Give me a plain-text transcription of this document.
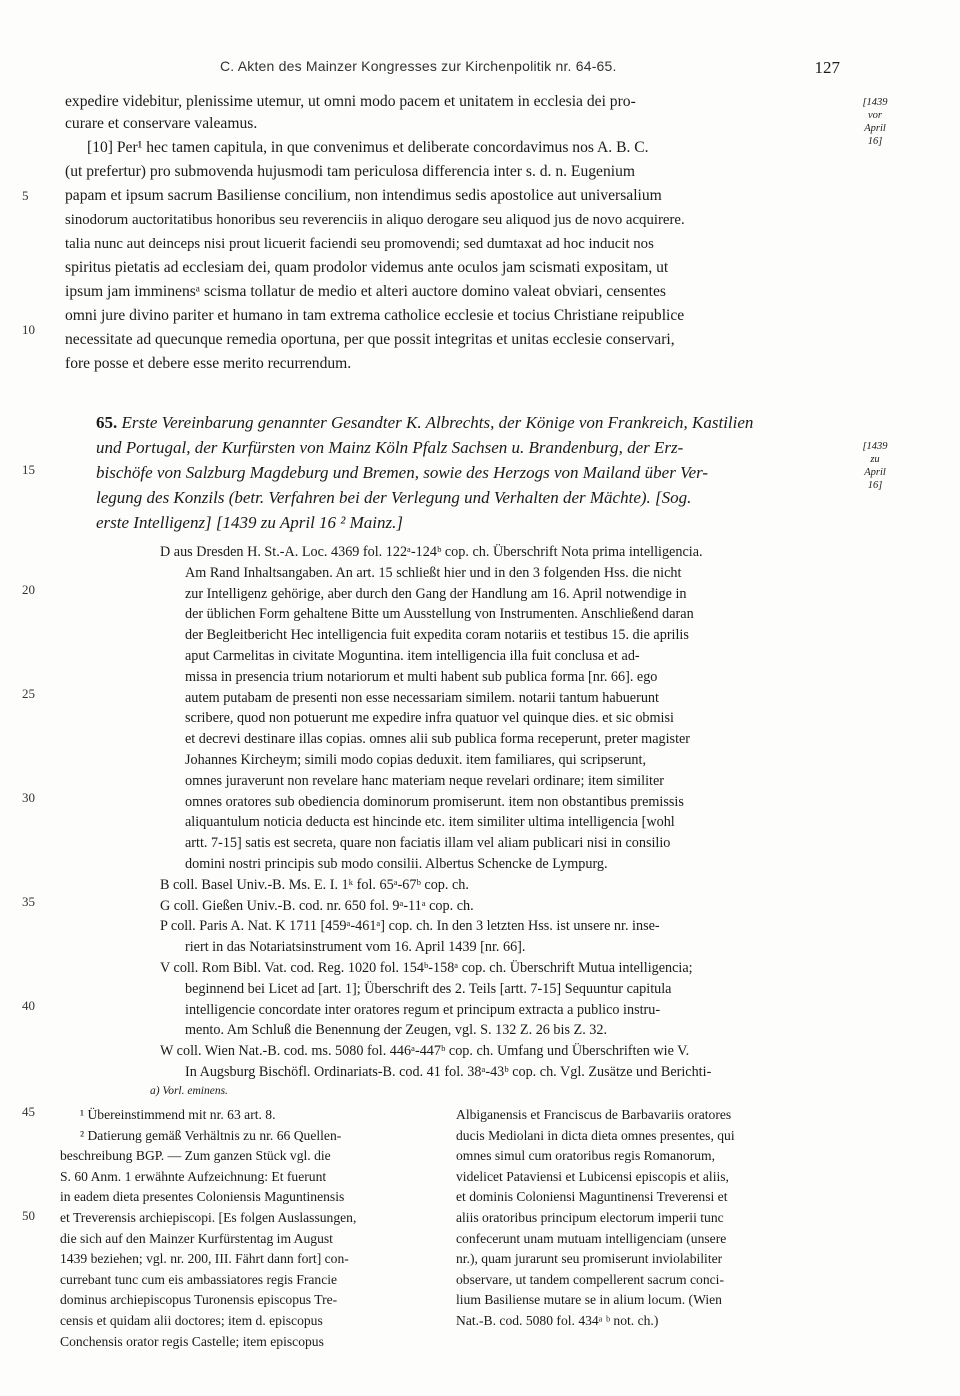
C. Akten des Mainzer Kongresses zur Kirchenpolitik nr. 64-65.	127
expedire videbitur, plenissime utemur, ut omni modo pacem et unitatem in ecclesia dei pro-
curare et conservare valeamus.
[10] Per¹ hec tamen capitula, in que convenimus et deliberate concordavimus nos A. B. C.
(ut prefertur) pro submovenda hujusmodi tam periculosa differencia inter s. d. n. Eugenium
papam et ipsum sacrum Basiliense concilium, non intendimus sedis apostolice aut universalium
sinodorum auctoritatibus honoribus seu reverenciis in aliquo derogare seu aliquod jus de novo acquirere.
talia nunc aut deinceps nisi prout licuerit faciendi seu promovendi; sed dumtaxat ad hoc inducit nos
spiritus pietatis ad ecclesiam dei, quam prodolor videmus ante oculos jam scismati expositam, ut
ipsum jam imminensᵃ scisma tollatur de medio et alteri auctore domino valeat obviari, censentes
omni jure divino pariter et humano in tam extrema catholice ecclesie et tocius Christiane reipublice
necessitate ad quecunque remedia oportuna, per que possit integritas et unitas ecclesie conservari,
fore posse et debere esse merito recurrendum.
[1439
vor
April
16]
[1439
zu
April
16]
5
10
15
20
25
30
35
40
45
50
65. Erste Vereinbarung genannter Gesandter K. Albrechts, der Könige von Frankreich, Kastilien
und Portugal, der Kurfürsten von Mainz Köln Pfalz Sachsen u. Brandenburg, der Erz-
bischöfe von Salzburg Magdeburg und Bremen, sowie des Herzogs von Mailand über Ver-
legung des Konzils (betr. Verfahren bei der Verlegung und Verhalten der Mächte). [Sog.
erste Intelligenz] [1439 zu April 16 ² Mainz.]
D aus Dresden H. St.-A. Loc. 4369 fol. 122ᵃ-124ᵇ cop. ch. Überschrift Nota prima intelligencia.
Am Rand Inhaltsangaben. An art. 15 schließt hier und in den 3 folgenden Hss. die nicht
zur Intelligenz gehörige, aber durch den Gang der Handlung am 16. April notwendige in
der üblichen Form gehaltene Bitte um Ausstellung von Instrumenten. Anschließend daran
der Begleitbericht Hec intelligencia fuit expedita coram notariis et testibus 15. die aprilis
aput Carmelitas in civitate Moguntina. item intelligencia illa fuit conclusa et ad-
missa in presencia trium notariorum et multi habent sub publica forma [nr. 66]. ego
autem putabam de presenti non esse necessariam similem. notarii tantum habuerunt
scribere, quod non potuerunt me expedire infra quatuor vel quinque dies. et sic obmisi
et decrevi destinare illas copias. omnes alii sub publica forma receperunt, preter magister
Johannes Kircheym; simili modo copias deduxit. item familiares, qui scripserunt,
omnes juraverunt non revelare hanc materiam neque revelari ordinare; item similiter
omnes oratores sub obediencia dominorum promiserunt. item non obstantibus premissis
aliquantulum noticia deducta est hincinde etc. item similiter ultima intelligencia [wohl
artt. 7-15] satis est secreta, quare non faciatis illam vel aliam publicari nisi in consilio
domini nostri principis sub modo consilii. Albertus Schencke de Lympurg.
B coll. Basel Univ.-B. Ms. E. I. 1ᵏ fol. 65ᵃ-67ᵇ cop. ch.
G coll. Gießen Univ.-B. cod. nr. 650 fol. 9ᵃ-11ᵃ cop. ch.
P coll. Paris A. Nat. K 1711 [459ᵃ-461ᵃ] cop. ch. In den 3 letzten Hss. ist unsere nr. inse-
riert in das Notariatsinstrument vom 16. April 1439 [nr. 66].
V coll. Rom Bibl. Vat. cod. Reg. 1020 fol. 154ᵇ-158ᵃ cop. ch. Überschrift Mutua intelligencia;
beginnend bei Licet ad [art. 1]; Überschrift des 2. Teils [artt. 7-15] Sequuntur capitula
intelligencie concordate inter oratores regum et principum extracta a publico instru-
mento. Am Schluß die Benennung der Zeugen, vgl. S. 132 Z. 26 bis Z. 32.
W coll. Wien Nat.-B. cod. ms. 5080 fol. 446ᵃ-447ᵇ cop. ch. Umfang und Überschriften wie V.
In Augsburg Bischöfl. Ordinariats-B. cod. 41 fol. 38ᵃ-43ᵇ cop. ch. Vgl. Zusätze und Berichti-
a) Vorl. eminens.
¹ Übereinstimmend mit nr. 63 art. 8.
² Datierung gemäß Verhältnis zu nr. 66 Quellen-
beschreibung BGP. — Zum ganzen Stück vgl. die
S. 60 Anm. 1 erwähnte Aufzeichnung: Et fuerunt
in eadem dieta presentes Coloniensis Maguntinensis
et Treverensis archiepiscopi. [Es folgen Auslassungen,
die sich auf den Mainzer Kurfürstentag im August
1439 beziehen; vgl. nr. 200, III. Fährt dann fort] con-
currebant tunc cum eis ambassiatores regis Francie
dominus archiepiscopus Turonensis episcopus Tre-
censis et quidam alii doctores; item d. episcopus
Conchensis orator regis Castelle; item episcopus
Albiganensis et Franciscus de Barbavariis oratores
ducis Mediolani in dicta dieta omnes presentes, qui
omnes simul cum oratoribus regis Romanorum,
videlicet Pataviensi et Lubicensi episcopis et aliis,
et dominis Coloniensi Maguntinensi Treverensi et
aliis oratoribus principum electorum imperii tunc
confecerunt unam mutuam intelligenciam (unsere
nr.), quam jurarunt seu promiserunt inviolabiliter
observare, ut tandem compellerent sacrum conci-
lium Basiliense mutare se in alium locum. (Wien
Nat.-B. cod. 5080 fol. 434ᵃ ᵇ not. ch.)
